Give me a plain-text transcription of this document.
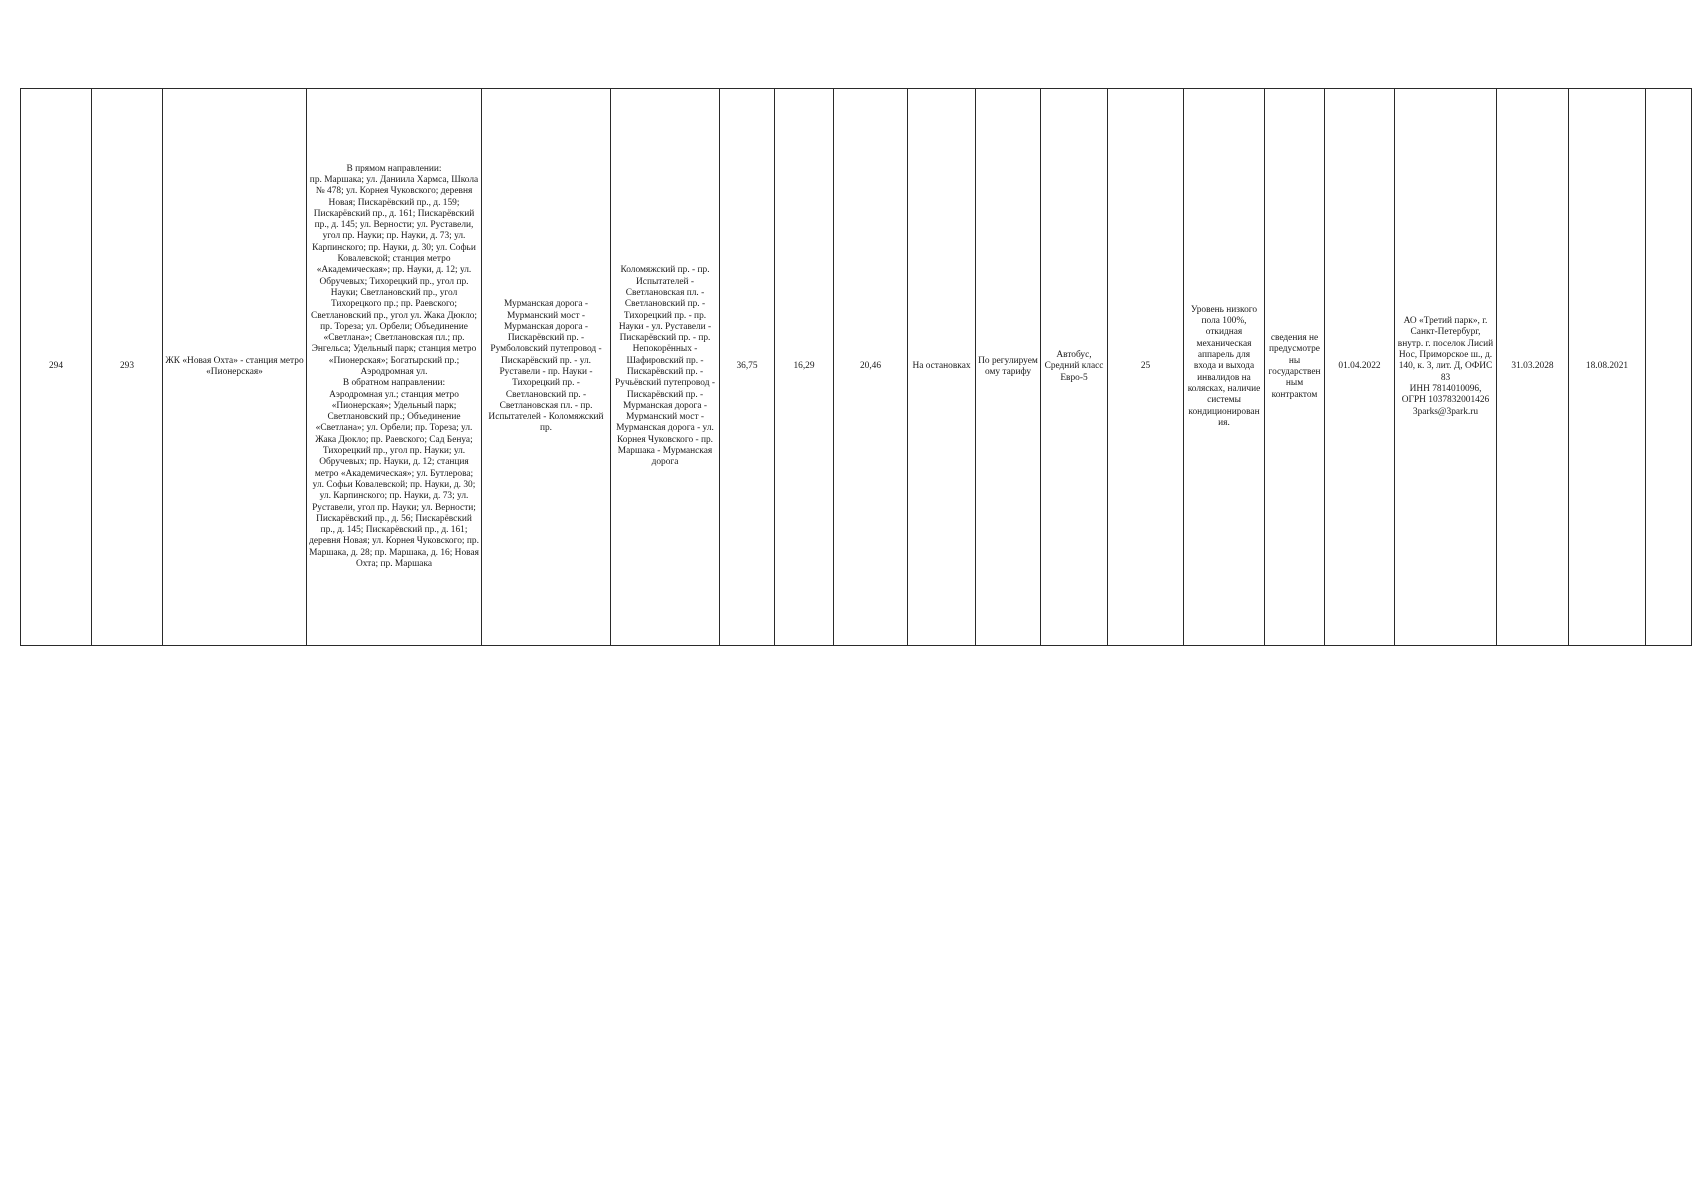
294	293	ЖК «Новая Охта» - станция метро «Пионерская»	В прямом направлении:
пр. Маршака; ул. Даниила Хармса, Школа № 478; ул. Корнея Чуковского; деревня Новая; Пискарёвский пр., д. 159; Пискарёвский пр., д. 161; Пискарёвский пр., д. 145; ул. Верности; ул. Руставели, угол пр. Науки; пр. Науки, д. 73; ул. Карпинского; пр. Науки, д. 30; ул. Софьи Ковалевской; станция метро «Академическая»; пр. Науки, д. 12; ул. Обручевых; Тихорецкий пр., угол пр. Науки; Светлановский пр., угол Тихорецкого пр.; пр. Раевского; Светлановский пр., угол ул. Жака Дюкло; пр. Тореза; ул. Орбели; Объединение «Светлана»; Светлановская пл.; пр. Энгельса; Удельный парк; станция метро «Пионерская»; Богатырский пр.; Аэродромная ул.
В обратном направлении:
Аэродромная ул.; станция метро «Пионерская»; Удельный парк; Светлановский пр.; Объединение «Светлана»; ул. Орбели; пр. Тореза; ул. Жака Дюкло; пр. Раевского; Сад Бенуа; Тихорецкий пр., угол пр. Науки; ул. Обручевых; пр. Науки, д. 12; станция метро «Академическая»; ул. Бутлерова; ул. Софьи Ковалевской; пр. Науки, д. 30; ул. Карпинского; пр. Науки, д. 73; ул. Руставели, угол пр. Науки; ул. Верности; Пискарёвский пр., д. 56; Пискарёвский пр., д. 145; Пискарёвский пр., д. 161; деревня Новая; ул. Корнея Чуковского; пр. Маршака, д. 28; пр. Маршака, д. 16; Новая Охта; пр. Маршака	Мурманская дорога - Мурманский мост - Мурманская дорога - Пискарёвский пр. - Румболовский путепровод - Пискарёвский пр. - ул. Руставели - пр. Науки - Тихорецкий пр. - Светлановский пр. - Светлановская пл. - пр. Испытателей - Коломяжский пр.	Коломяжский пр. - пр. Испытателей - Светлановская пл. - Светлановский пр. - Тихорецкий пр. - пр. Науки - ул. Руставели - Пискарёвский пр. - пр. Непокорённых - Шафировский пр. - Пискарёвский пр. - Ручьёвский путепровод - Пискарёвский пр. - Мурманская дорога - Мурманский мост - Мурманская дорога - ул. Корнея Чуковского - пр. Маршака - Мурманская дорога	36,75	16,29	20,46	На остановках	По регулируем ому тарифу	Автобус, Средний класс Евро-5	25	Уровень низкого пола 100%, откидная механическая аппарель для входа и выхода инвалидов на колясках, наличие системы кондиционирования.	сведения не предусмотрены государственным контрактом	01.04.2022	АО «Третий парк», г. Санкт-Петербург, внутр. г. поселок Лисий Нос, Приморское ш., д. 140, к. 3, лит. Д, ОФИС 83
ИНН 7814010096,
ОГРН 1037832001426
3parks@3park.ru	31.03.2028	18.08.2021	
